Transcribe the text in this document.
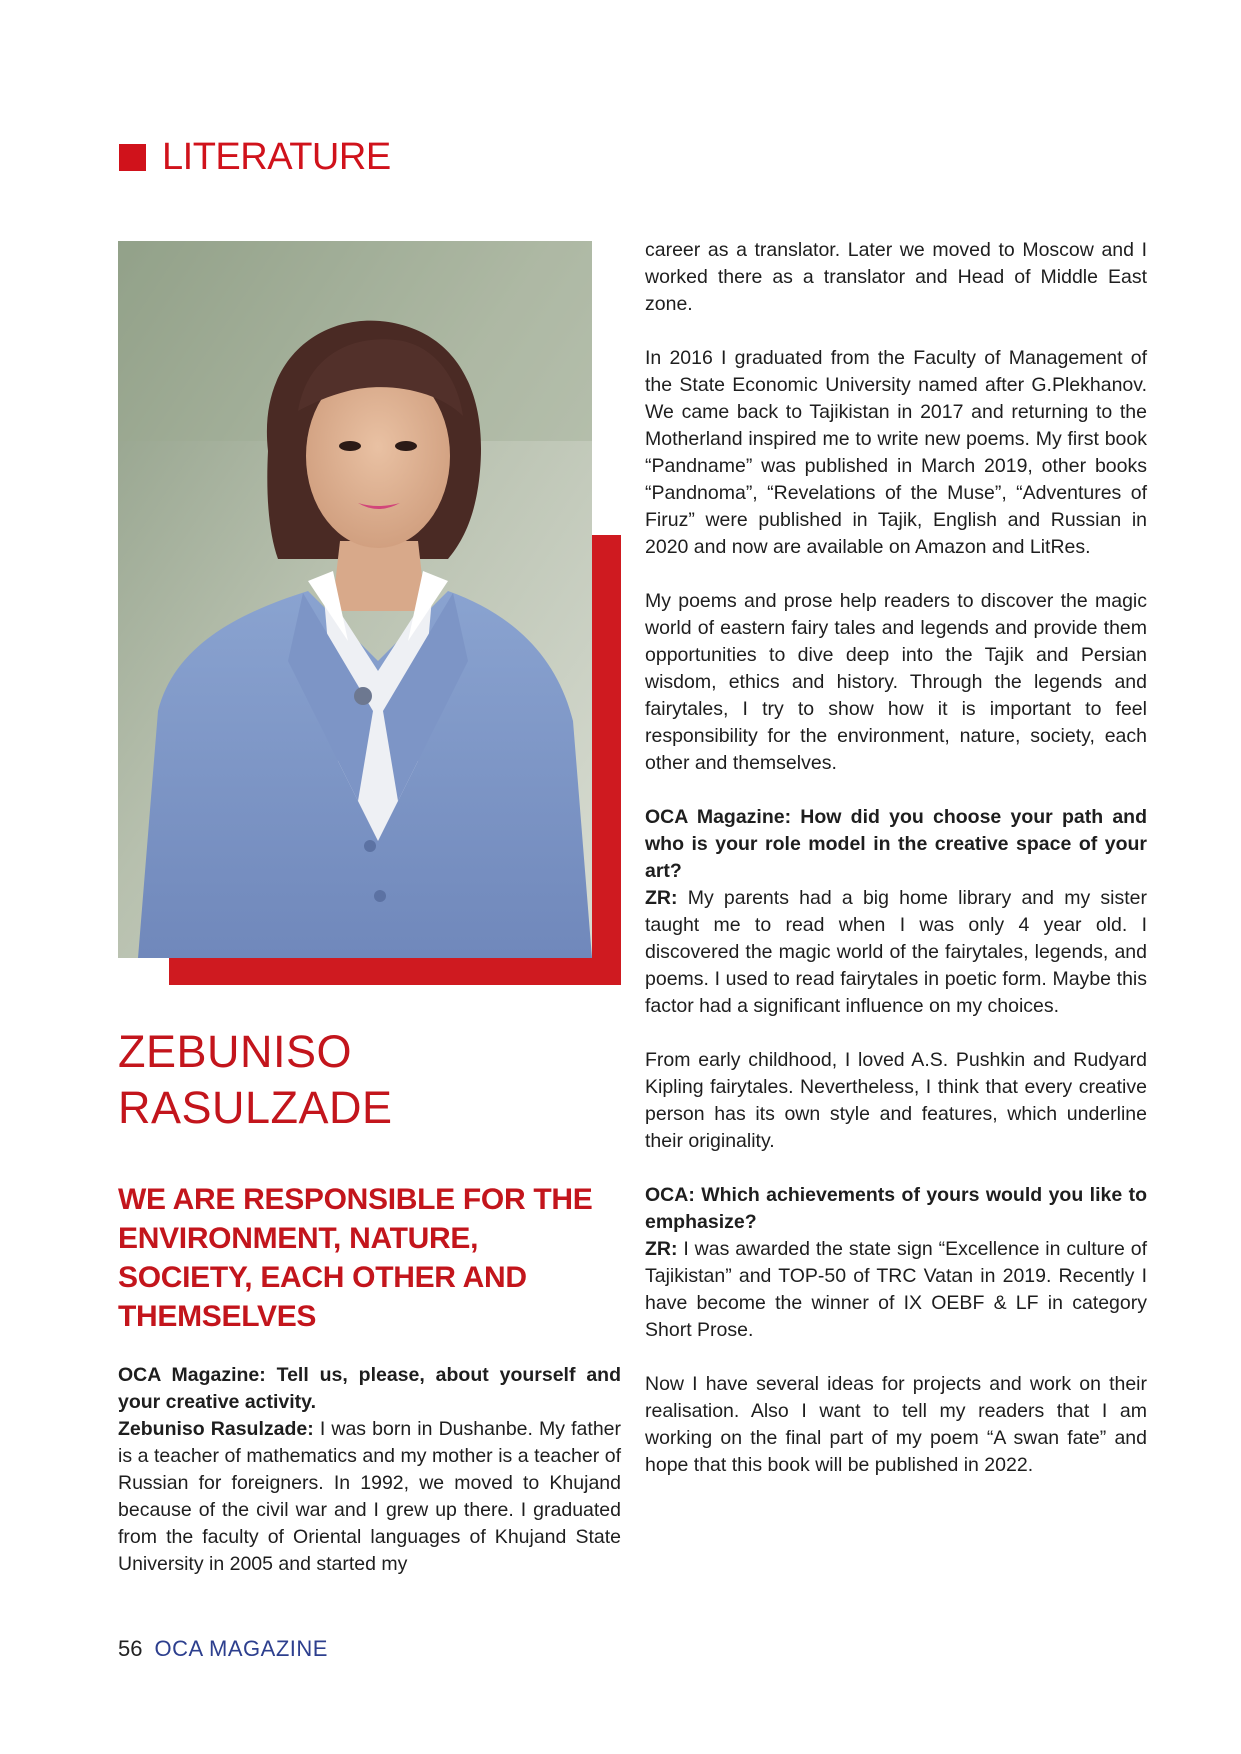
LITERATURE
ZEBUNISO
RASULZADE
WE ARE RESPONSIBLE FOR THE ENVIRONMENT, NATURE, SOCIETY, EACH OTHER AND THEMSELVES

OCA Magazine: Tell us, please, about yourself and your creative activity.

Zebuniso Rasulzade: I was born in Dushanbe. My father is a teacher of mathematics and my mother is a teacher of Russian for foreigners. In 1992, we moved to Khujand because of the civil war and I grew up there. I graduated from the faculty of Oriental languages of Khujand State University in 2005 and started my

career as a translator. Later we moved to Moscow and I worked there as a translator and Head of Middle East zone.

In 2016 I graduated from the Faculty of Management of the State Economic University named after G.Plekhanov. We came back to Tajikistan in 2017 and returning to the Motherland inspired me to write new poems. My first book “Pandname” was published in March 2019, other books “Pandnoma”, “Revelations of the Muse”, “Adventures of Firuz” were published in Tajik, English and Russian in 2020 and now are available on Amazon and LitRes.

My poems and prose help readers to discover the magic world of eastern fairy tales and legends and provide them opportunities to dive deep into the Tajik and Persian wisdom, ethics and history. Through the legends and fairytales, I try to show how it is important to feel responsibility for the environment, nature, society, each other and themselves.

OCA Magazine: How did you choose your path and who is your role model in the creative space of your art?

ZR: My parents had a big home library and my sister taught me to read when I was only 4 year old. I discovered the magic world of the fairytales, legends, and poems. I used to read fairytales in poetic form. Maybe this factor had a significant influence on my choices.

From early childhood, I loved A.S. Pushkin and Rudyard Kipling fairytales. Nevertheless, I think that every creative person has its own style and features, which underline their originality.

OCA: Which achievements of yours would you like to emphasize?

ZR: I was awarded the state sign “Excellence in culture of Tajikistan” and TOP-50 of TRC Vatan in 2019. Recently I have become the winner of IX OEBF & LF in category Short Prose.

Now I have several ideas for projects and work on their realisation. Also I want to tell my readers that I am working on the final part of my poem “A swan fate” and hope that this book will be published in 2022.

56 OCA MAGAZINE
